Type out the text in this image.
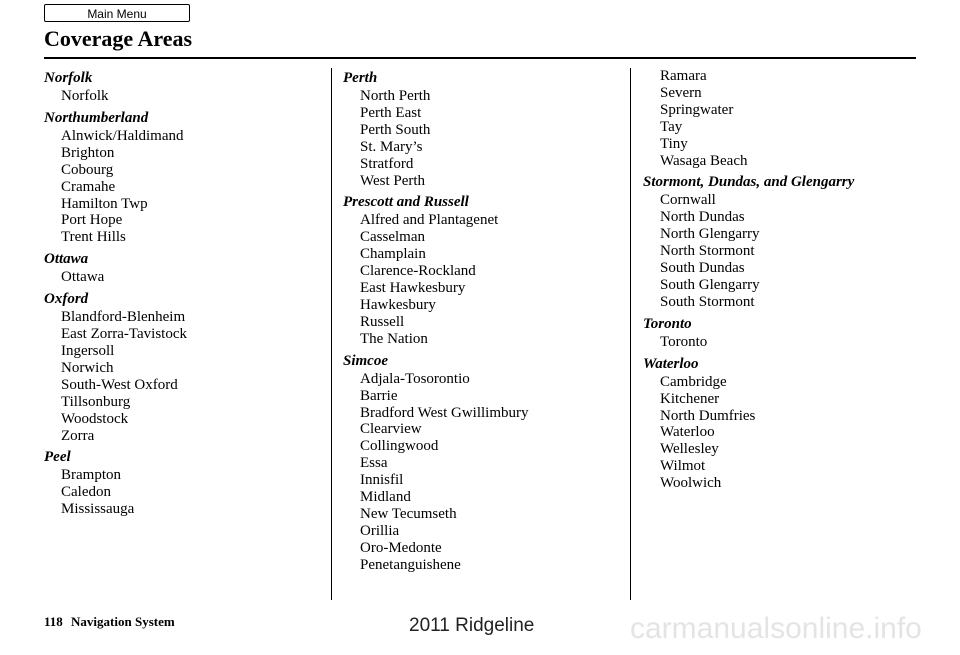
Main Menu
Coverage Areas
Norfolk
Norfolk
Northumberland
Alnwick/Haldimand
Brighton
Cobourg
Cramahe
Hamilton Twp
Port Hope
Trent Hills
Ottawa
Ottawa
Oxford
Blandford-Blenheim
East Zorra-Tavistock
Ingersoll
Norwich
South-West Oxford
Tillsonburg
Woodstock
Zorra
Peel
Brampton
Caledon
Mississauga
Perth
North Perth
Perth East
Perth South
St. Mary’s
Stratford
West Perth
Prescott and Russell
Alfred and Plantagenet
Casselman
Champlain
Clarence-Rockland
East Hawkesbury
Hawkesbury
Russell
The Nation
Simcoe
Adjala-Tosorontio
Barrie
Bradford West Gwillimbury
Clearview
Collingwood
Essa
Innisfil
Midland
New Tecumseth
Orillia
Oro-Medonte
Penetanguishene
Ramara
Severn
Springwater
Tay
Tiny
Wasaga Beach
Stormont, Dundas, and Glengarry
Cornwall
North Dundas
North Glengarry
North Stormont
South Dundas
South Glengarry
South Stormont
Toronto
Toronto
Waterloo
Cambridge
Kitchener
North Dumfries
Waterloo
Wellesley
Wilmot
Woolwich
118 Navigation System	2011 Ridgeline	carmanualsonline.info
